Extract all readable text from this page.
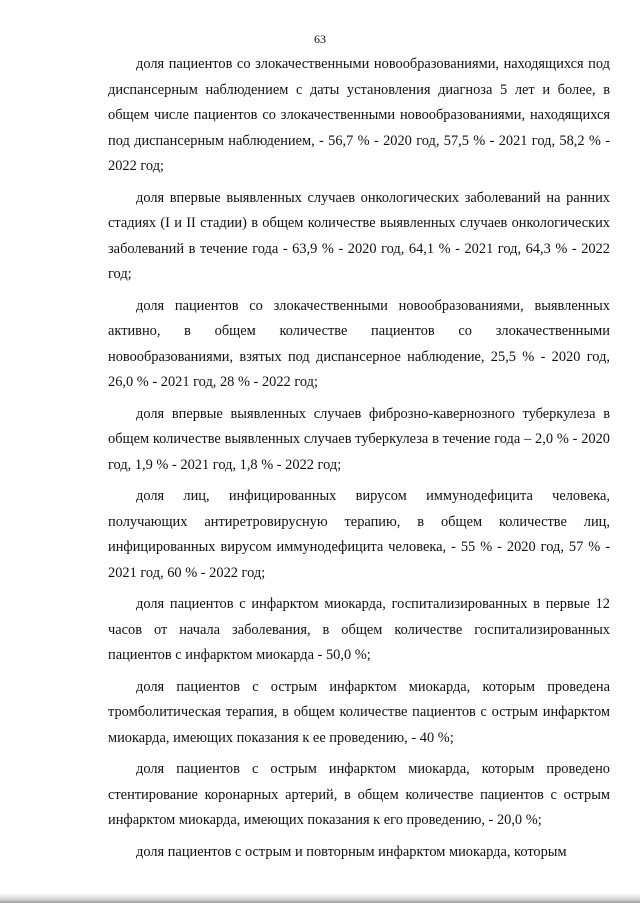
63

доля пациентов со злокачественными новообразованиями, находящихся под диспансерным наблюдением с даты установления диагноза 5 лет и более, в общем числе пациентов со злокачественными новообразованиями, находящихся под диспансерным наблюдением, - 56,7 % - 2020 год, 57,5 % - 2021 год, 58,2 % - 2022 год;

доля впервые выявленных случаев онкологических заболеваний на ранних стадиях (I и II стадии) в общем количестве выявленных случаев онкологических заболеваний в течение года - 63,9 % - 2020 год, 64,1 % - 2021 год, 64,3 % - 2022 год;

доля пациентов со злокачественными новообразованиями, выявленных активно, в общем количестве пациентов со злокачественными новообразованиями, взятых под диспансерное наблюдение, 25,5 % - 2020 год, 26,0 % - 2021 год, 28 % - 2022 год;

доля впервые выявленных случаев фиброзно-кавернозного туберкулеза в общем количестве выявленных случаев туберкулеза в течение года – 2,0 % - 2020 год, 1,9 % - 2021 год, 1,8 % - 2022 год;

доля лиц, инфицированных вирусом иммунодефицита человека, получающих антиретровирусную терапию, в общем количестве лиц, инфицированных вирусом иммунодефицита человека, - 55 % - 2020 год, 57 % - 2021 год, 60 % - 2022 год;

доля пациентов с инфарктом миокарда, госпитализированных в первые 12 часов от начала заболевания, в общем количестве госпитализированных пациентов с инфарктом миокарда - 50,0 %;

доля пациентов с острым инфарктом миокарда, которым проведена тромболитическая терапия, в общем количестве пациентов с острым инфарктом миокарда, имеющих показания к ее проведению, - 40 %;

доля пациентов с острым инфарктом миокарда, которым проведено стентирование коронарных артерий, в общем количестве пациентов с острым инфарктом миокарда, имеющих показания к его проведению, - 20,0 %;

доля пациентов с острым и повторным инфарктом миокарда, которым
